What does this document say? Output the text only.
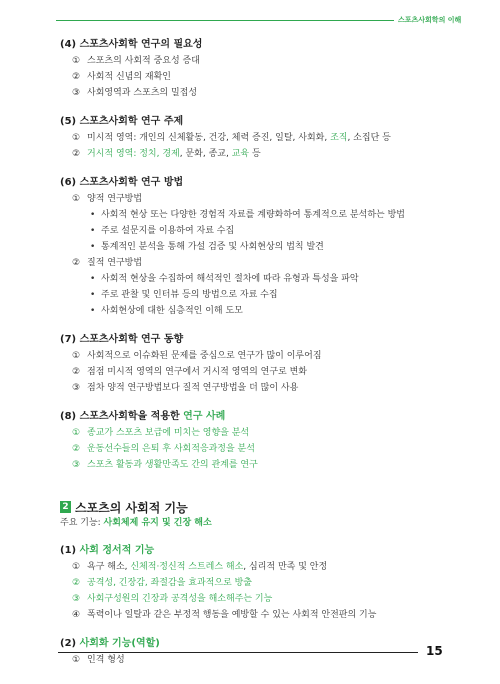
스포츠사회학의 이해
(4) 스포츠사회학 연구의 필요성
① 스포츠의 사회적 중요성 증대
② 사회적 신념의 재확인
③ 사회영역과 스포츠의 밀접성
(5) 스포츠사회학 연구 주제
① 미시적 영역: 개인의 신체활동, 건강, 체력 증진, 일탈, 사회화, 조직, 소집단 등
② 거시적 영역: 정치, 경제, 문화, 종교, 교육 등
(6) 스포츠사회학 연구 방법
① 양적 연구방법
• 사회적 현상 또는 다양한 경험적 자료를 계량화하여 통계적으로 분석하는 방법
• 주로 설문지를 이용하여 자료 수집
• 통계적인 분석을 통해 가설 검증 및 사회현상의 법칙 발견
② 질적 연구방법
• 사회적 현상을 수집하여 해석적인 절차에 따라 유형과 특성을 파악
• 주로 관찰 및 인터뷰 등의 방법으로 자료 수집
• 사회현상에 대한 심층적인 이해 도모
(7) 스포츠사회학 연구 동향
① 사회적으로 이슈화된 문제를 중심으로 연구가 많이 이루어짐
② 점점 미시적 영역의 연구에서 거시적 영역의 연구로 변화
③ 점차 양적 연구방법보다 질적 연구방법을 더 많이 사용
(8) 스포츠사회학을 적용한 연구 사례
① 종교가 스포츠 보급에 미치는 영향을 분석
② 운동선수들의 은퇴 후 사회적응과정을 분석
③ 스포츠 활동과 생활만족도 간의 관계를 연구
2 스포츠의 사회적 기능
주요 기능: 사회체제 유지 및 긴장 해소
(1) 사회 정서적 기능
① 욕구 해소, 신체적·정신적 스트레스 해소, 심리적 만족 및 안정
② 공격성, 긴장감, 좌절감을 효과적으로 방출
③ 사회구성원의 긴장과 공격성을 해소해주는 기능
④ 폭력이나 일탈과 같은 부정적 행동을 예방할 수 있는 사회적 안전판의 기능
(2) 사회화 기능(역할)
① 인격 형성
15
